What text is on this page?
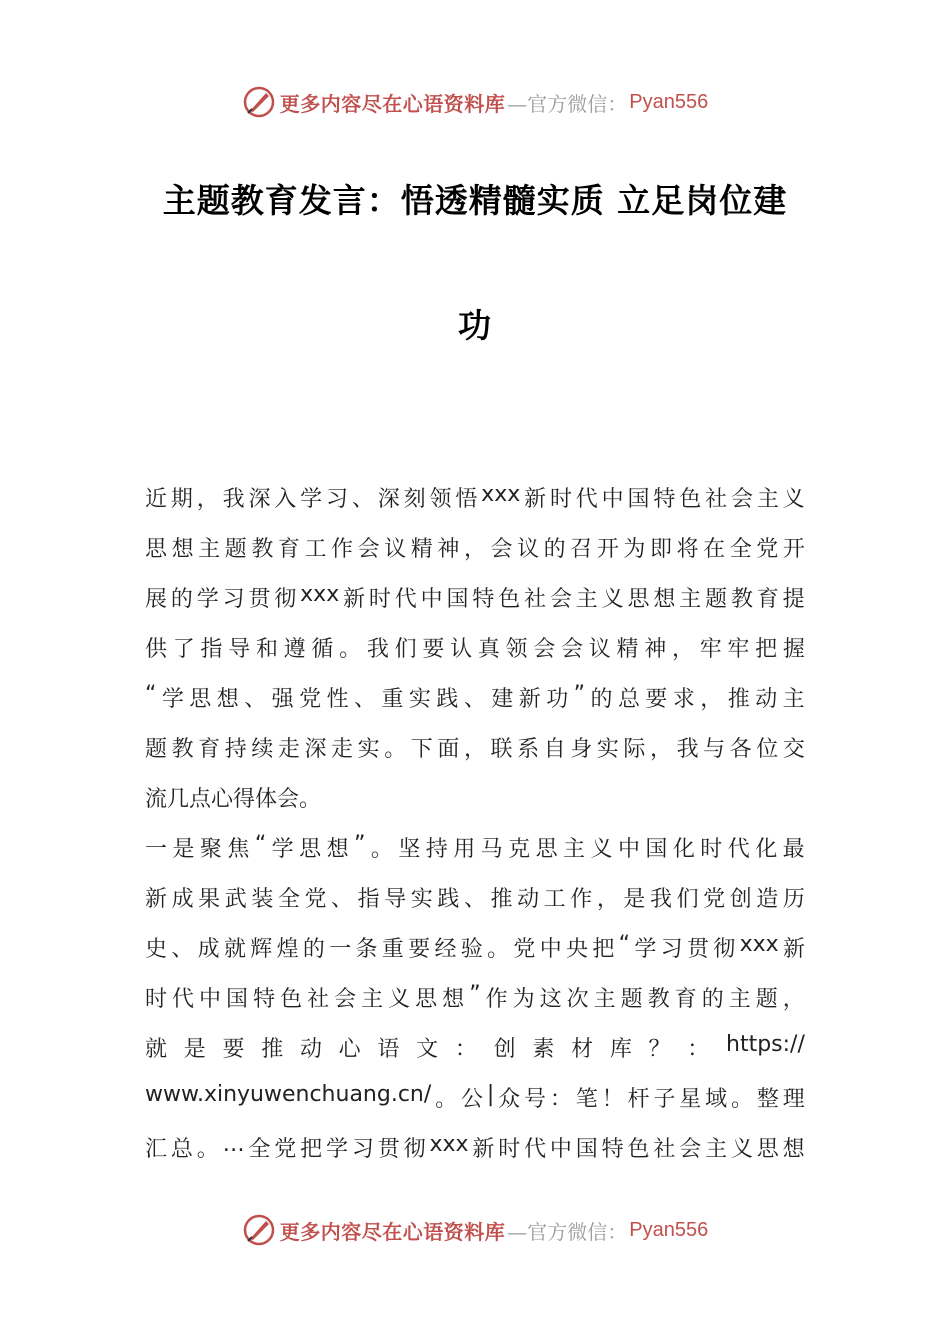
更多内容尽在心语资料库 —官方微信： Pyan556
主题教育发言：悟透精髓实质 立足岗位建
功
近 期 ， 我 深 入 学 习 、 深 刻 领 悟 xxx 新 时 代 中 国 特 色 社 会 主 义
思 想 主 题 教 育 工 作 会 议 精 神 ， 会 议 的 召 开 为 即 将 在 全 党 开
展 的 学 习 贯 彻 xxx 新 时 代 中 国 特 色 社 会 主 义 思 想 主 题 教 育 提
供 了 指 导 和 遵 循 。 我 们 要 认 真 领 会 会 议 精 神 ， 牢 牢 把 握
“ 学 思 想 、 强 党 性 、 重 实 践 、 建 新 功 ” 的 总 要 求 ， 推 动 主
题 教 育 持 续 走 深 走 实 。 下 面 ， 联 系 自 身 实 际 ， 我 与 各 位 交
流几点心得体会。
一 是 聚 焦 “ 学 思 想 ” 。 坚 持 用 马 克 思 主 义 中 国 化 时 代 化 最
新 成 果 武 装 全 党 、 指 导 实 践 、 推 动 工 作 ， 是 我 们 党 创 造 历
史 、 成 就 辉 煌 的 一 条 重 要 经 验 。 党 中 央 把 “ 学 习 贯 彻 xxx 新
时 代 中 国 特 色 社 会 主 义 思 想 ” 作 为 这 次 主 题 教 育 的 主 题 ，
就 是 要 推 动 心 语 文 ： 创 素 材 库 ？ ： https://
www.xinyuwenchuang.cn/ 。 公 | 众 号 ： 笔 ！ 杆 子 星 域 。 整 理
汇 总 。 … 全 党 把 学 习 贯 彻 xxx 新 时 代 中 国 特 色 社 会 主 义 思 想
更多内容尽在心语资料库 —官方微信： Pyan556
